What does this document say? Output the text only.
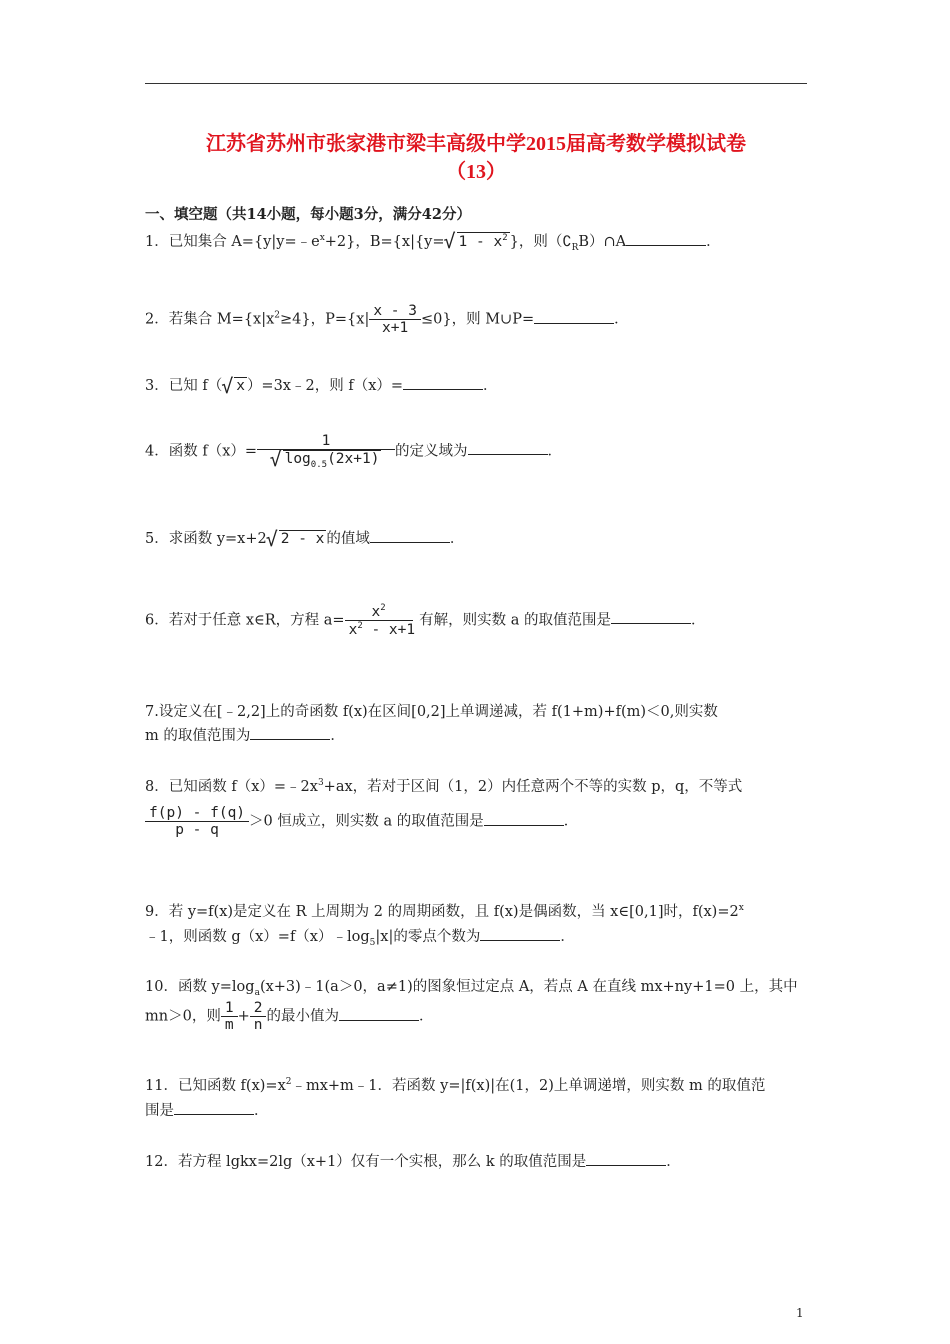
江苏省苏州市张家港市梁丰高级中学2015届高考数学模拟试卷
（13）
一、填空题（共14小题，每小题3分，满分42分）
1．已知集合 $A=\{y|y=﹣e^x+2\}$，B={x|{y= √ $1 - x^2$ }，则$(∁_RB)\cap A$	．
2．若集合 $M=\{x|x^2\ge 4\}$，$P=\{x| \frac{x - 3}{x+1} \le 0\}$，则 M∪P=	．
3．已知 f（ √ x ）=3x﹣2，则 f（x）=	．
4．函数 f（x）= 1
√ $\log_{0.5}(2x+1)$ 的定义域为	．
5．求函数 y=x+2 √ 2 - x 的值域	．
6．若对于任意 x∈R，方程 $a= \frac{x^2}{x^2 - x+1}$ 有解，则实数 a 的取值范围是	．
7.设定义在[﹣2,2]上的奇函数 f(x)在区间[0,2]上单调递减，若 f(1+m)+f(m)＜0,则实数
m 的取值范围为	．
8．已知函数 $f(x)=﹣2x^3+ax$，若对于区间（1，2）内任意两个不等的实数 p，q，不等式
$\frac{f(p) - f(q)}{p - q} >0$ 恒成立，则实数 a 的取值范围是	．
9．若 y=f(x)是定义在 R 上周期为 2 的周期函数，且 f(x)是偶函数，当 x∈[0,1]时，$f(x)=2^x$
﹣1，则函数 $g(x)=f(x)﹣\log_5|x|$的零点个数为	．
10．函数 $y=\log_a(x+3)﹣1(a>0$，a≠1)的图象恒过定点 A，若点 A 在直线 mx+ny+1=0 上，其中
mn＞0，则 $\frac{1}{m} + \frac{2}{n}$ 的最小值为	．
11．已知函数 $f(x)=x^2﹣mx+m﹣1$．若函数 y=|f(x)|在(1，2)上单调递增，则实数 m 的取值范
围是	．
12．若方程 lgkx=2lg（x+1）仅有一个实根，那么 k 的取值范围是	．
1
